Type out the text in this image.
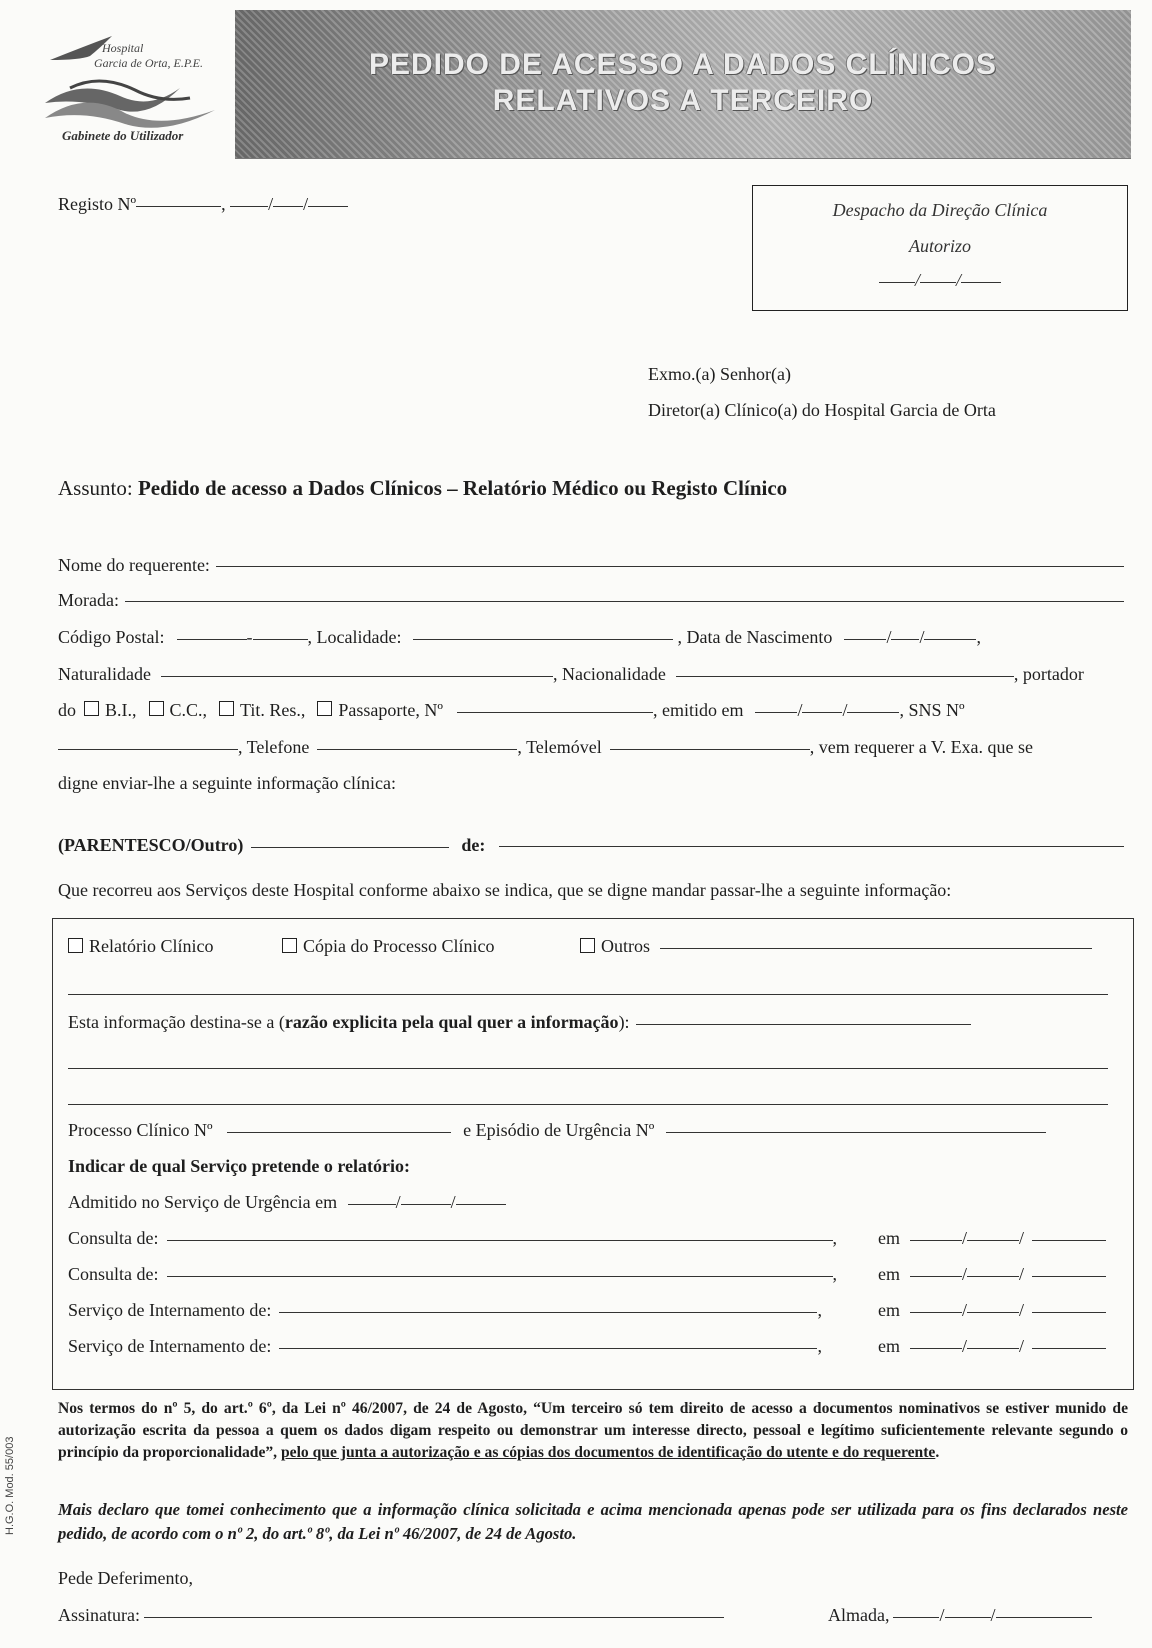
Hospital
Garcia de Orta, E.P.E.
Gabinete do Utilizador
PEDIDO DE ACESSO A DADOS CLÍNICOS
RELATIVOS A TERCEIRO
Registo Nº	, / /	Despacho da Direção Clínica
Autorizo
/ /
Exmo.(a) Senhor(a)
Diretor(a) Clínico(a) do Hospital Garcia de Orta
Assunto: Pedido de acesso a Dados Clínicos – Relatório Médico ou Registo Clínico
Nome do requerente:
Morada:
Código Postal:	-	, Localidade:	, Data de Nascimento	/ /	,
Naturalidade	, Nacionalidade	, portador
do B.I., C.C., Tit. Res., Passaporte, Nº	, emitido em	/ /	, SNS Nº
, Telefone	, Telemóvel	, vem requerer a V. Exa. que se
digne enviar-lhe a seguinte informação clínica:
(PARENTESCO/Outro)	de:
Que recorreu aos Serviços deste Hospital conforme abaixo se indica, que se digne mandar passar-lhe a seguinte informação:
Relatório Clínico	Cópia do Processo Clínico	Outros
Esta informação destina-se a (razão explicita pela qual quer a informação):
Processo Clínico Nº	e Episódio de Urgência Nº
Indicar de qual Serviço pretende o relatório:
Admitido no Serviço de Urgência em	/	/
Consulta de:	, em	/	/
Consulta de:	, em	/	/
Serviço de Internamento de:	,	em	/	/
Serviço de Internamento de:	,	em	/	/
Nos termos do nº 5, do art.º 6º, da Lei nº 46/2007, de 24 de Agosto, “Um terceiro só tem direito de acesso a documentos nominativos se estiver munido de autorização escrita da pessoa a quem os dados digam respeito ou demonstrar um interesse directo, pessoal e legítimo suficientemente relevante segundo o princípio da proporcionalidade”, pelo que junta a autorização e as cópias dos documentos de identificação do utente e do requerente.
Mais declaro que tomei conhecimento que a informação clínica solicitada e acima mencionada apenas pode ser utilizada para os fins declarados neste pedido, de acordo com o nº 2, do art.º 8º, da Lei nº 46/2007, de 24 de Agosto.
Pede Deferimento,
Assinatura:	Almada,	/	/
H.G.O. Mod. 55/003
